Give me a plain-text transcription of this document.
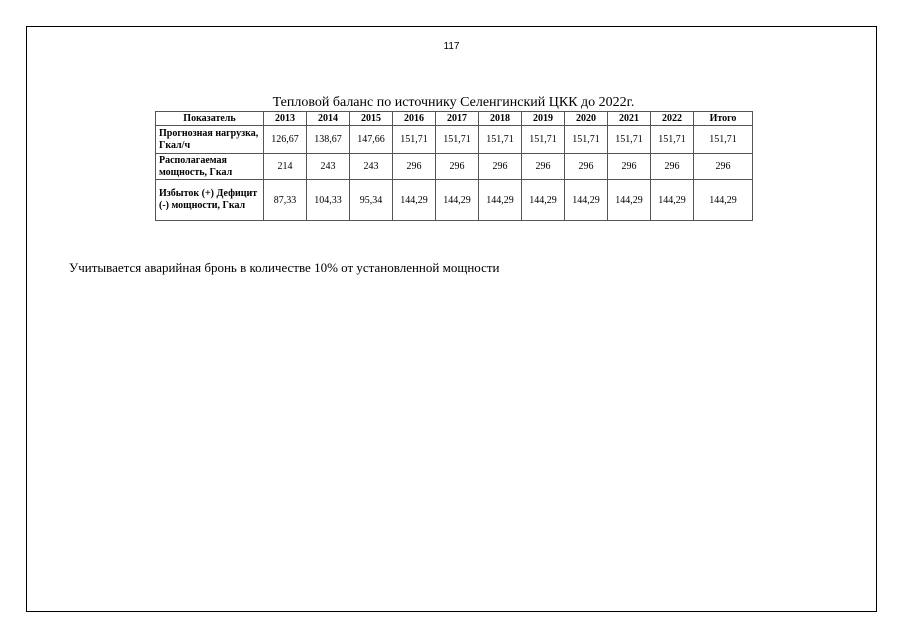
117
Тепловой баланс по источнику Селенгинский ЦКК до 2022г.
Показатель	2013	2014	2015	2016	2017	2018	2019	2020	2021	2022	Итого
Прогнозная нагрузка, Гкал/ч	126,67	138,67	147,66	151,71	151,71	151,71	151,71	151,71	151,71	151,71	151,71
Располагаемая мощность, Гкал	214	243	243	296	296	296	296	296	296	296	296
Избыток (+) Дефицит (-) мощности, Гкал	87,33	104,33	95,34	144,29	144,29	144,29	144,29	144,29	144,29	144,29	144,29
Учитывается аварийная бронь в количестве 10% от установленной мощности
